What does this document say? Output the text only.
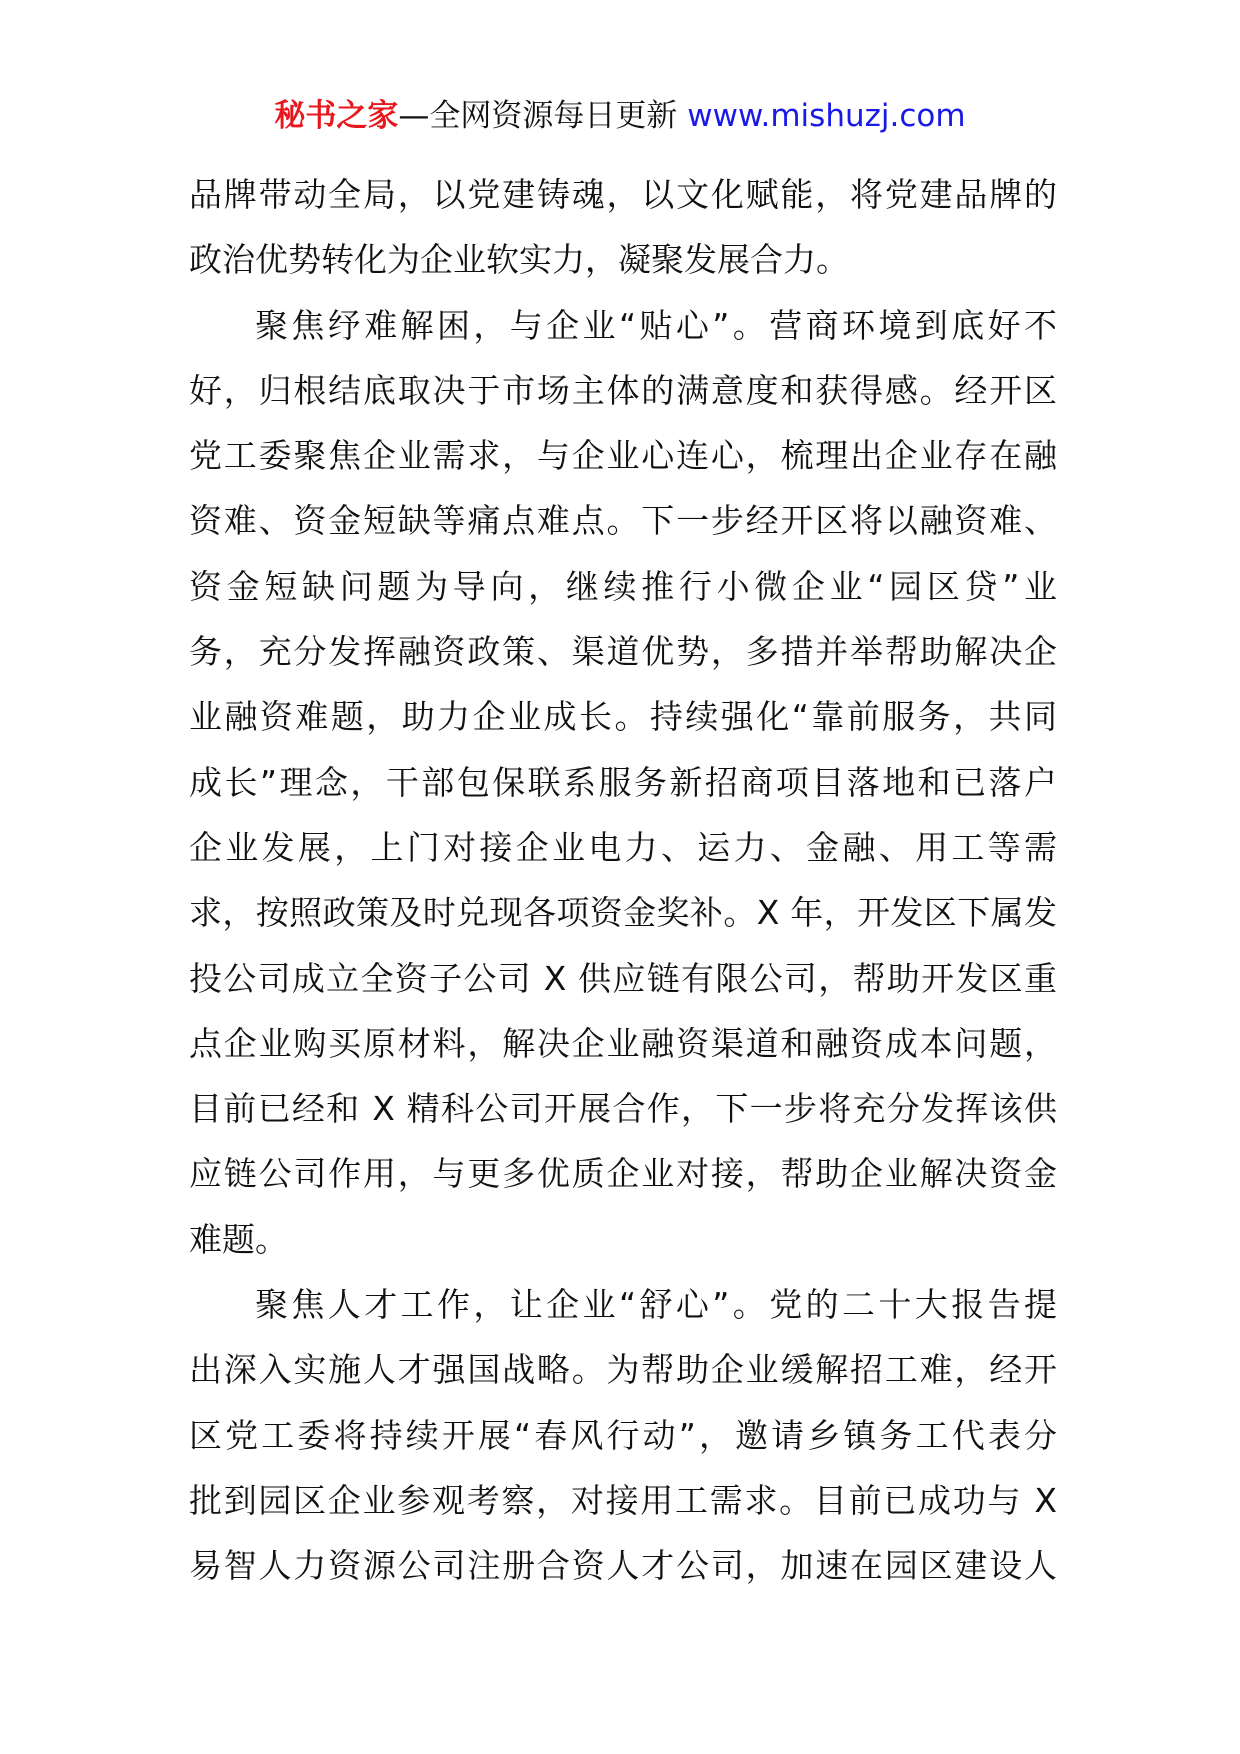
秘书之家—全网资源每日更新 www.mishuzj.com
品牌带动全局，以党建铸魂，以文化赋能，将党建品牌的
政治优势转化为企业软实力，凝聚发展合力。
聚焦纾难解困，与企业“贴心”。营商环境到底好不
好，归根结底取决于市场主体的满意度和获得感。经开区
党工委聚焦企业需求，与企业心连心，梳理出企业存在融
资难、资金短缺等痛点难点。下一步经开区将以融资难、
资金短缺问题为导向，继续推行小微企业“园区贷”业
务，充分发挥融资政策、渠道优势，多措并举帮助解决企
业融资难题，助力企业成长。持续强化“靠前服务，共同
成长”理念，干部包保联系服务新招商项目落地和已落户
企业发展，上门对接企业电力、运力、金融、用工等需
求，按照政策及时兑现各项资金奖补。X 年，开发区下属发
投公司成立全资子公司 X 供应链有限公司，帮助开发区重
点企业购买原材料，解决企业融资渠道和融资成本问题，
目前已经和 X 精科公司开展合作，下一步将充分发挥该供
应链公司作用，与更多优质企业对接，帮助企业解决资金
难题。
聚焦人才工作，让企业“舒心”。党的二十大报告提
出深入实施人才强国战略。为帮助企业缓解招工难，经开
区党工委将持续开展“春风行动”，邀请乡镇务工代表分
批到园区企业参观考察，对接用工需求。目前已成功与 X
易智人力资源公司注册合资人才公司，加速在园区建设人
